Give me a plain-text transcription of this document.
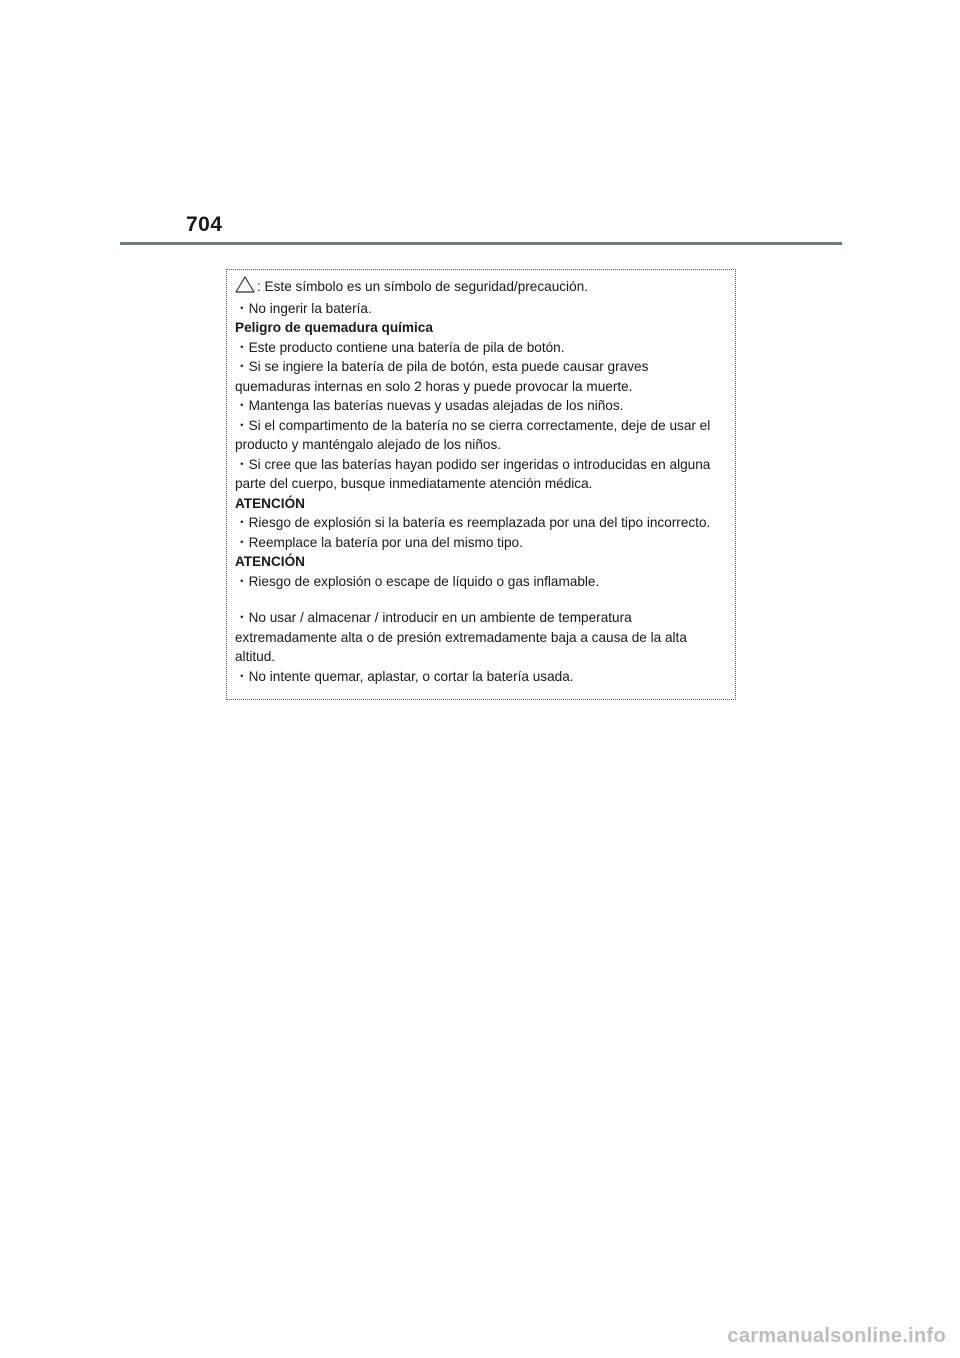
704
: Este símbolo es un símbolo de seguridad/precaución.
・No ingerir la batería.
Peligro de quemadura química
・Este producto contiene una batería de pila de botón.
・Si se ingiere la batería de pila de botón, esta puede causar graves
quemaduras internas en solo 2 horas y puede provocar la muerte.
・Mantenga las baterías nuevas y usadas alejadas de los niños.
・Si el compartimento de la batería no se cierra correctamente, deje de usar el
producto y manténgalo alejado de los niños.
・Si cree que las baterías hayan podido ser ingeridas o introducidas en alguna
parte del cuerpo, busque inmediatamente atención médica.
ATENCIÓN
・Riesgo de explosión si la batería es reemplazada por una del tipo incorrecto.
・Reemplace la batería por una del mismo tipo.
ATENCIÓN
・Riesgo de explosión o escape de líquido o gas inflamable.
・No usar / almacenar / introducir en un ambiente de temperatura
extremadamente alta o de presión extremadamente baja a causa de la alta
altitud.
・No intente quemar, aplastar, o cortar la batería usada.
carmanualsonline.info
